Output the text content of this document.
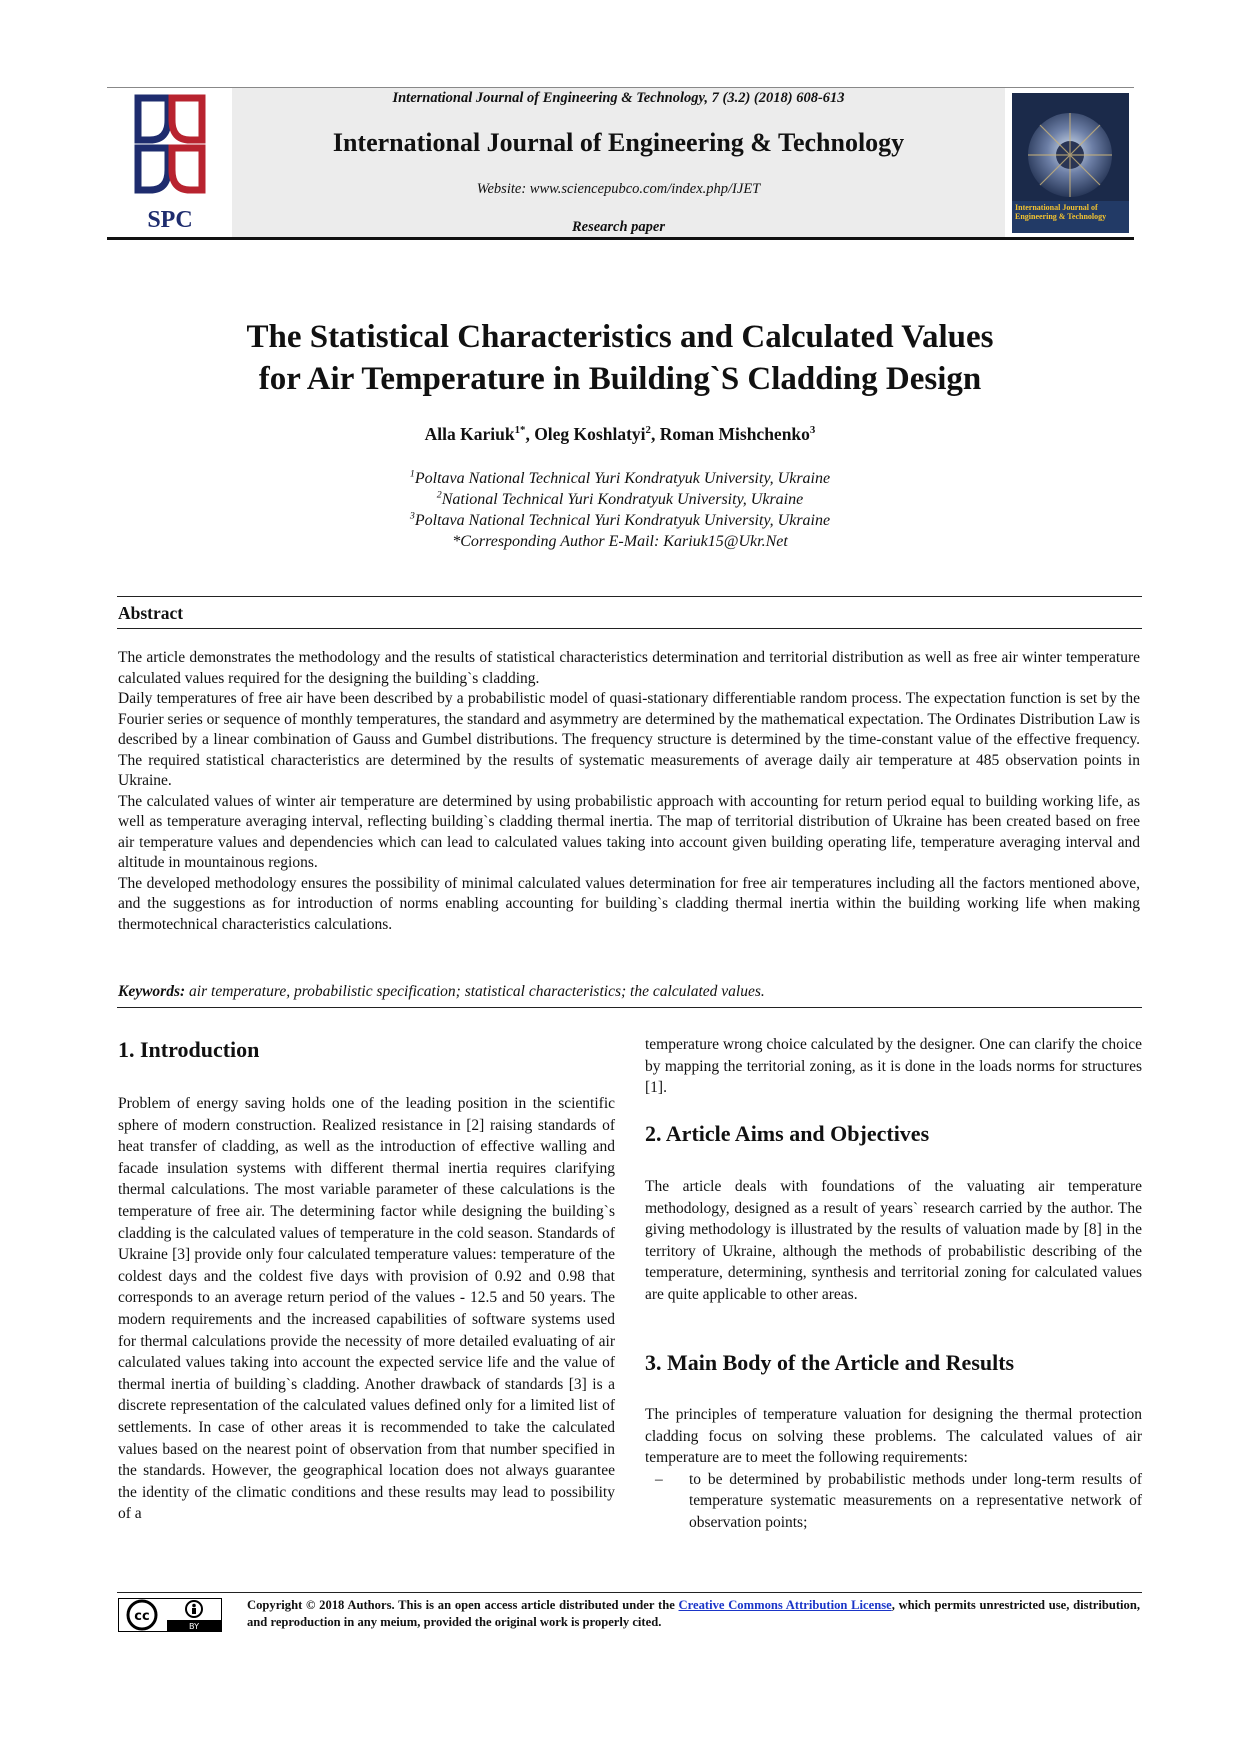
SPC
International Journal of Engineering & Technology, 7 (3.2) (2018) 608-613
International Journal of Engineering & Technology
Website: www.sciencepubco.com/index.php/IJET
Research paper
International Journal of Engineering & Technology
The Statistical Characteristics and Calculated Values
for Air Temperature in Building`S Cladding Design
Alla Kariuk$^{1*}$, Oleg Koshlatyi$^2$, Roman Mishchenko$^3$
$^1$Poltava National Technical Yuri Kondratyuk University, Ukraine
$^2$National Technical Yuri Kondratyuk University, Ukraine
$^3$Poltava National Technical Yuri Kondratyuk University, Ukraine
*Corresponding Author E-Mail: Kariuk15@Ukr.Net
Abstract

The article demonstrates the methodology and the results of statistical characteristics determination and territorial distribution as well as free air winter temperature calculated values required for the designing the building`s cladding.

Daily temperatures of free air have been described by a probabilistic model of quasi-stationary differentiable random process. The expectation function is set by the Fourier series or sequence of monthly temperatures, the standard and asymmetry are determined by the mathematical expectation. The Ordinates Distribution Law is described by a linear combination of Gauss and Gumbel distributions. The frequency structure is determined by the time-constant value of the effective frequency. The required statistical characteristics are determined by the results of systematic measurements of average daily air temperature at 485 observation points in Ukraine.

The calculated values of winter air temperature are determined by using probabilistic approach with accounting for return period equal to building working life, as well as temperature averaging interval, reflecting building`s cladding thermal inertia. The map of territorial distribution of Ukraine has been created based on free air temperature values and dependencies which can lead to calculated values taking into account given building operating life, temperature averaging interval and altitude in mountainous regions.

The developed methodology ensures the possibility of minimal calculated values determination for free air temperatures including all the factors mentioned above, and the suggestions as for introduction of norms enabling accounting for building`s cladding thermal inertia within the building working life when making thermotechnical characteristics calculations.

Keywords: air temperature, probabilistic specification; statistical characteristics; the calculated values.
1. Introduction

Problem of energy saving holds one of the leading position in the scientific sphere of modern construction. Realized resistance in [2] raising standards of heat transfer of cladding, as well as the introduction of effective walling and facade insulation systems with different thermal inertia requires clarifying thermal calculations. The most variable parameter of these calculations is the temperature of free air. The determining factor while designing the building`s cladding is the calculated values of temperature in the cold season. Standards of Ukraine [3] provide only four calculated temperature values: temperature of the coldest days and the coldest five days with provision of 0.92 and 0.98 that corresponds to an average return period of the values - 12.5 and 50 years. The modern requirements and the increased capabilities of software systems used for thermal calculations provide the necessity of more detailed evaluating of air calculated values taking into account the expected service life and the value of thermal inertia of building`s cladding. Another drawback of standards [3] is a discrete representation of the calculated values defined only for a limited list of settlements. In case of other areas it is recommended to take the calculated values based on the nearest point of observation from that number specified in the standards. However, the geographical location does not always guarantee the identity of the climatic conditions and these results may lead to possibility of a

temperature wrong choice calculated by the designer. One can clarify the choice by mapping the territorial zoning, as it is done in the loads norms for structures [1].

2. Article Aims and Objectives

The article deals with foundations of the valuating air temperature methodology, designed as a result of years` research carried by the author. The giving methodology is illustrated by the results of valuation made by [8] in the territory of Ukraine, although the methods of probabilistic describing of the temperature, determining, synthesis and territorial zoning for calculated values are quite applicable to other areas.

3. Main Body of the Article and Results

The principles of temperature valuation for designing the thermal protection cladding focus on solving these problems. The calculated values of air temperature are to meet the following requirements:

– to be determined by probabilistic methods under long-term results of temperature systematic measurements on a representative network of observation points;

cc
BY
Copyright © 2018 Authors. This is an open access article distributed under the Creative Commons Attribution License, which permits unrestricted use, distribution, and reproduction in any meium, provided the original work is properly cited.
